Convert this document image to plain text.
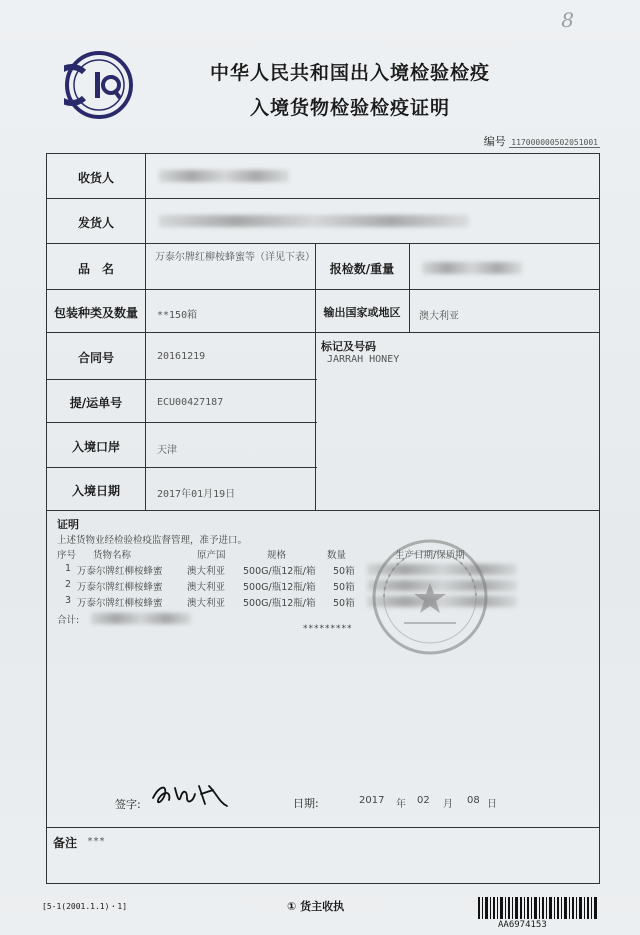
8
中华人民共和国出入境检验检疫
入境货物检验检疫证明
编号 117000000502051001
收货人
发货人
品　名
万泰尔牌红柳桉蜂蜜等（详见下表）
报检数/重量
包装种类及数量	**150箱	输出国家或地区	澳大利亚
合同号	20161219
标记及号码
JARRAH HONEY
提/运单号	ECU00427187
入境口岸	天津
入境日期	2017年01月19日
证明
上述货物业经检验检疫监督管理，准予进口。
序号 货物名称	原产国	规格	数量	生产日期/保质期
1 万泰尔牌红柳桉蜂蜜	澳大利亚 500G/瓶12瓶/箱 50箱
2 万泰尔牌红柳桉蜂蜜	澳大利亚 500G/瓶12瓶/箱 50箱
3 万泰尔牌红柳桉蜂蜜	澳大利亚 500G/瓶12瓶/箱 50箱
合计:
*********
签字:	日期:	2017 年 02 月 08 日
备注 ***
[5-1(2001.1.1)・1]	① 货主收执
AA6974153
